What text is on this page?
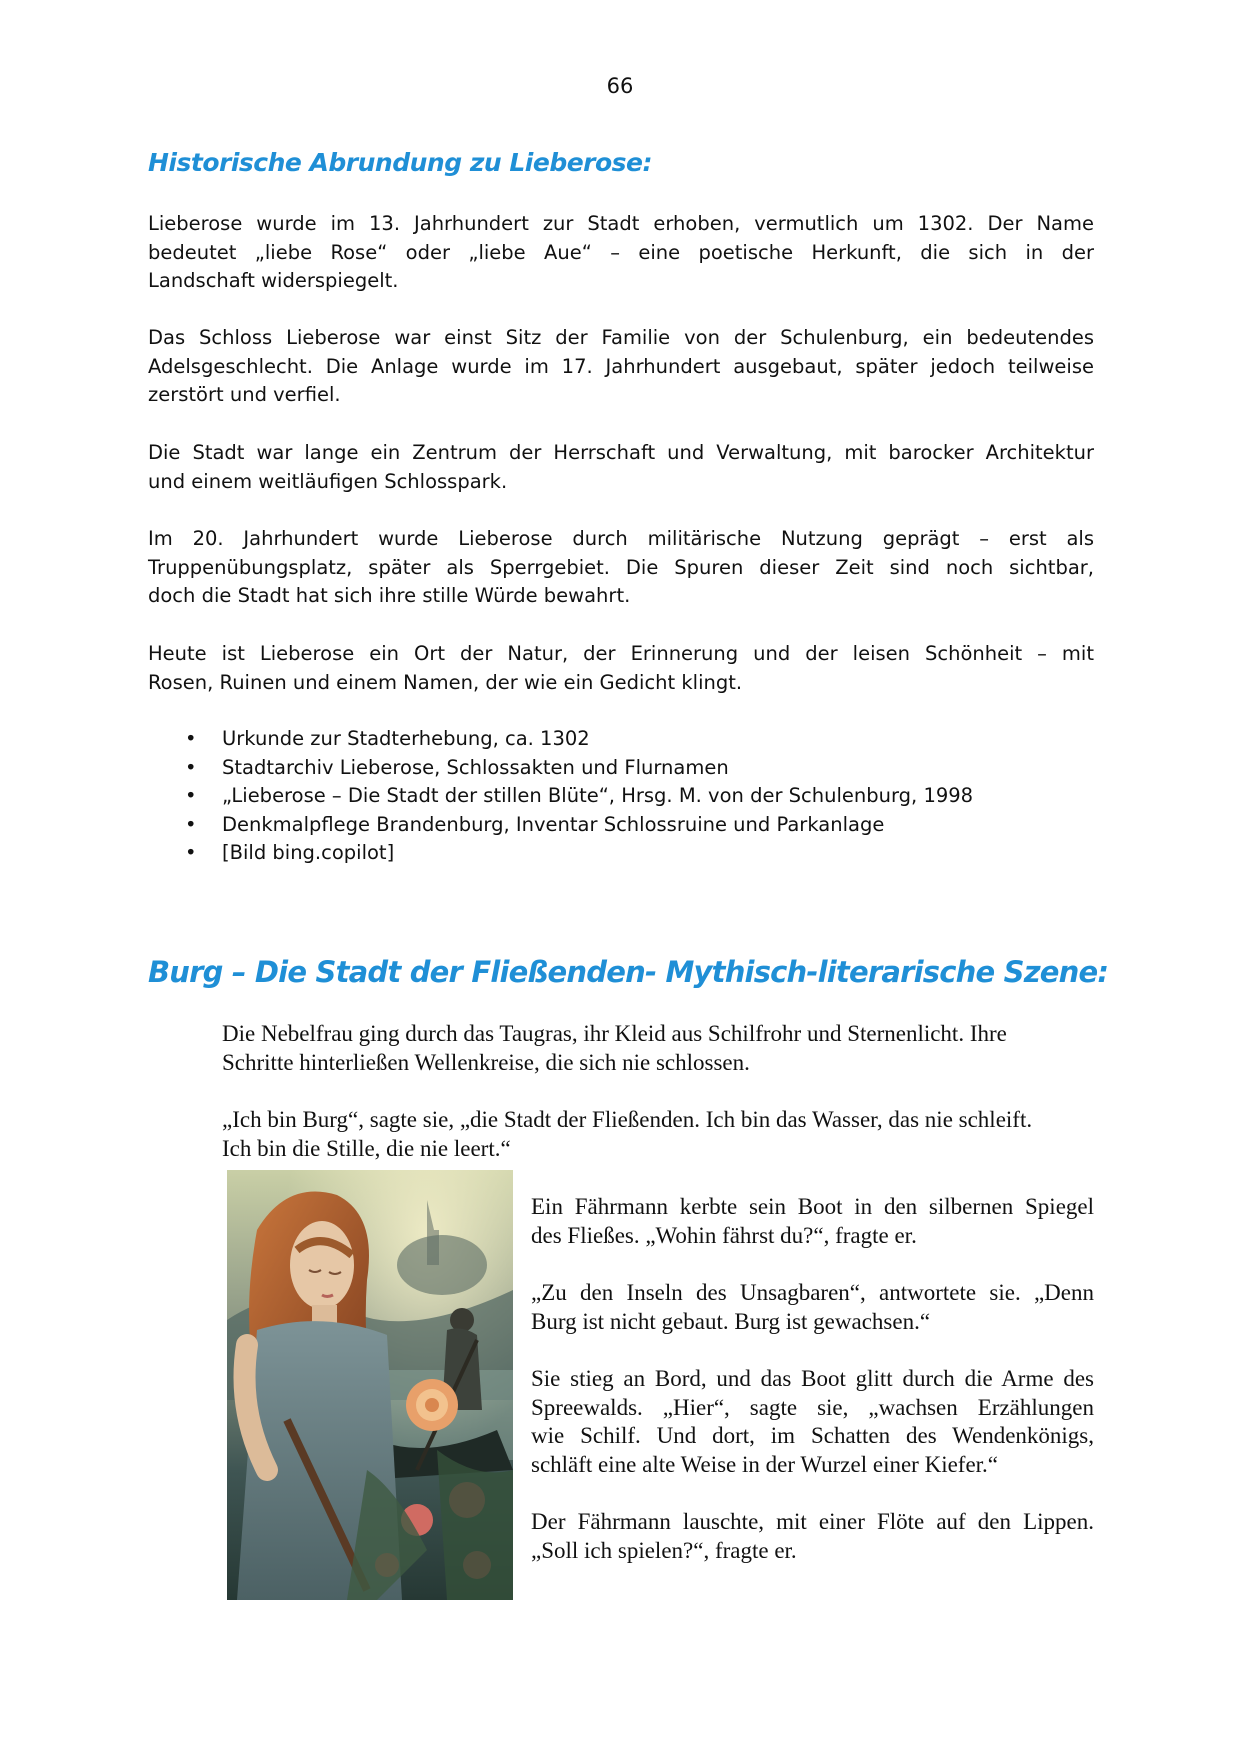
66
Historische Abrundung zu Lieberose:

Lieberose wurde im 13. Jahrhundert zur Stadt erhoben, vermutlich um 1302. Der Name
bedeutet „liebe Rose“ oder „liebe Aue“ – eine poetische Herkunft, die sich in der
Landschaft widerspiegelt.

Das Schloss Lieberose war einst Sitz der Familie von der Schulenburg, ein bedeutendes
Adelsgeschlecht. Die Anlage wurde im 17. Jahrhundert ausgebaut, später jedoch teilweise
zerstört und verfiel.

Die Stadt war lange ein Zentrum der Herrschaft und Verwaltung, mit barocker Architektur
und einem weitläufigen Schlosspark.

Im 20. Jahrhundert wurde Lieberose durch militärische Nutzung geprägt – erst als
Truppenübungsplatz, später als Sperrgebiet. Die Spuren dieser Zeit sind noch sichtbar,
doch die Stadt hat sich ihre stille Würde bewahrt.

Heute ist Lieberose ein Ort der Natur, der Erinnerung und der leisen Schönheit – mit
Rosen, Ruinen und einem Namen, der wie ein Gedicht klingt.

• Urkunde zur Stadterhebung, ca. 1302
• Stadtarchiv Lieberose, Schlossakten und Flurnamen
• „Lieberose – Die Stadt der stillen Blüte“, Hrsg. M. von der Schulenburg, 1998
• Denkmalpflege Brandenburg, Inventar Schlossruine und Parkanlage
• [Bild bing.copilot]
Burg – Die Stadt der Fließenden- Mythisch-literarische Szene:

Die Nebelfrau ging durch das Taugras, ihr Kleid aus Schilfrohr und Sternenlicht. Ihre
Schritte hinterließen Wellenkreise, die sich nie schlossen.

„Ich bin Burg“, sagte sie, „die Stadt der Fließenden. Ich bin das Wasser, das nie schleift.
Ich bin die Stille, die nie leert.“

Ein Fährmann kerbte sein Boot in den silbernen Spiegel
des Fließes. „Wohin fährst du?“, fragte er.

„Zu den Inseln des Unsagbaren“, antwortete sie. „Denn
Burg ist nicht gebaut. Burg ist gewachsen.“

Sie stieg an Bord, und das Boot glitt durch die Arme des
Spreewalds. „Hier“, sagte sie, „wachsen Erzählungen
wie Schilf. Und dort, im Schatten des Wendenkönigs,
schläft eine alte Weise in der Wurzel einer Kiefer.“

Der Fährmann lauschte, mit einer Flöte auf den Lippen.
„Soll ich spielen?“, fragte er.
